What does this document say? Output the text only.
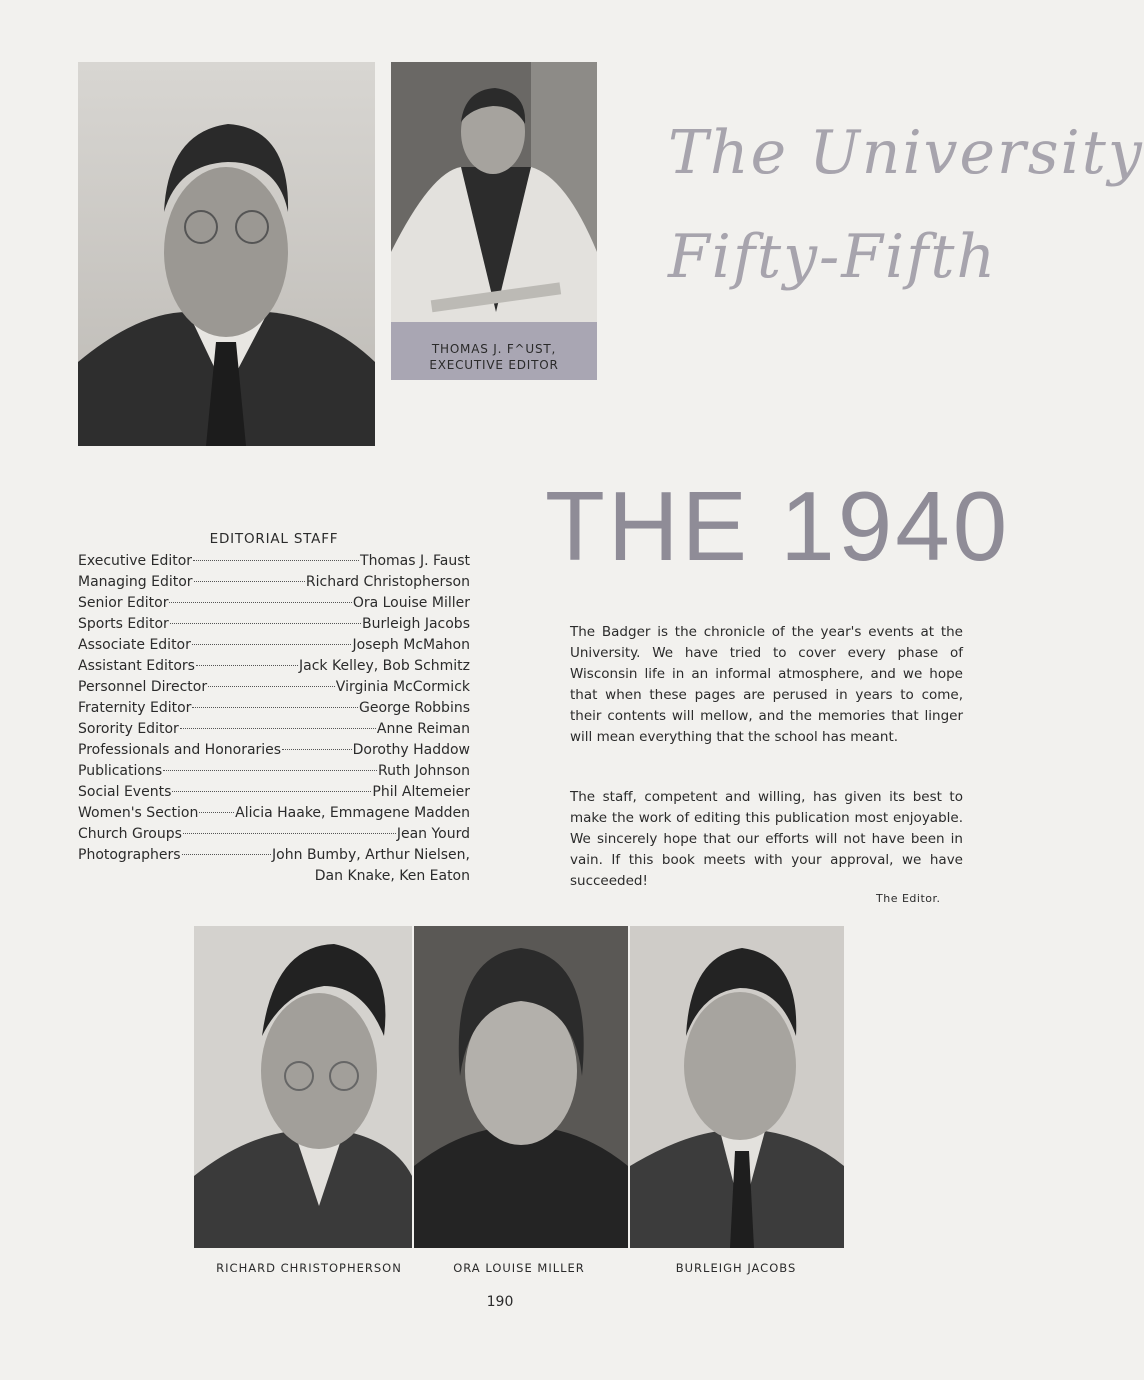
THOMAS J. F^UST,
EXECUTIVE EDITOR
The University
Fifty-Fifth
THE 1940
EDITORIAL STAFF
Executive Editor	Thomas J. Faust
Managing Editor	Richard Christopherson
Senior Editor	Ora Louise Miller
Sports Editor	Burleigh Jacobs
Associate Editor	Joseph McMahon
Assistant Editors	Jack Kelley, Bob Schmitz
Personnel Director	Virginia McCormick
Fraternity Editor	George Robbins
Sorority Editor	Anne Reiman
Professionals and Honoraries	Dorothy Haddow
Publications	Ruth Johnson
Social Events	Phil Altemeier
Women's Section	Alicia Haake, Emmagene Madden
Church Groups	Jean Yourd
Photographers	John Bumby, Arthur Nielsen,
Dan Knake, Ken Eaton
The Badger is the chronicle of the year's events at the University. We have tried to cover every phase of Wisconsin life in an informal atmosphere, and we hope that when these pages are perused in years to come, their contents will mellow, and the memories that linger will mean everything that the school has meant.
The staff, competent and willing, has given its best to make the work of editing this publication most enjoyable. We sincerely hope that our efforts will not have been in vain. If this book meets with your approval, we have succeeded!
The Editor.
RICHARD CHRISTOPHERSON	ORA LOUISE MILLER	BURLEIGH JACOBS
190
